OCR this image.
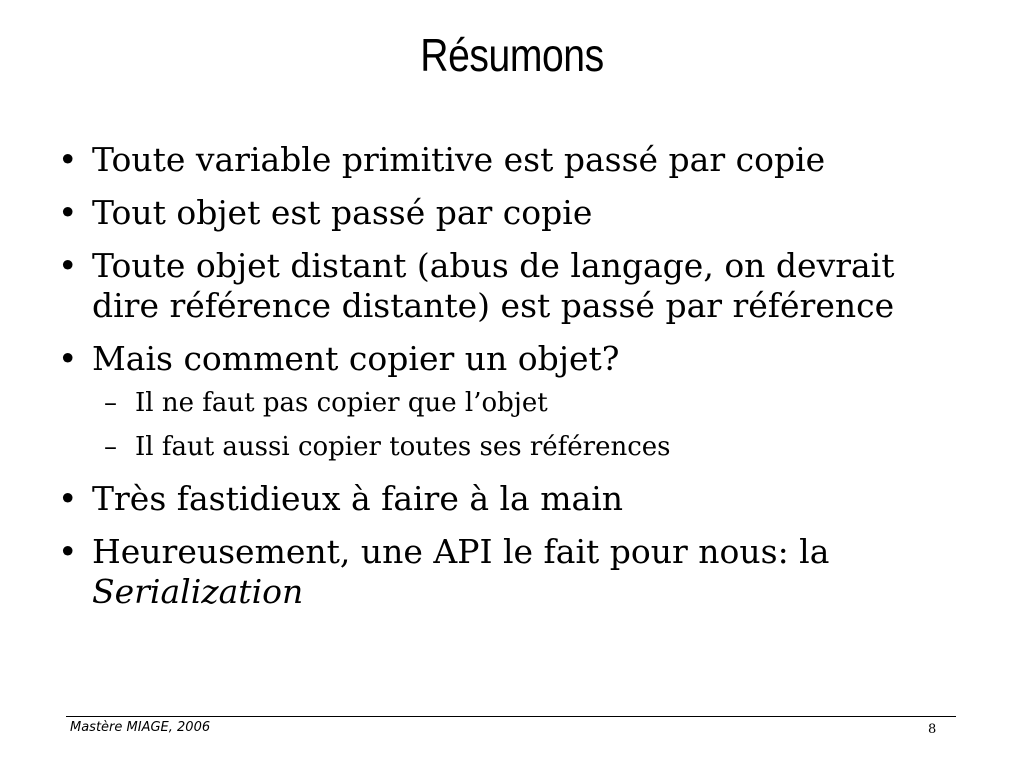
Résumons
• Toute variable primitive est passé par copie
• Tout objet est passé par copie
• Toute objet distant (abus de langage, on devrait
dire référence distante) est passé par référence
• Mais comment copier un objet?
– Il ne faut pas copier que l’objet
– Il faut aussi copier toutes ses références
• Très fastidieux à faire à la main
• Heureusement, une API le fait pour nous: la
Serialization
Mastère MIAGE, 2006	8
